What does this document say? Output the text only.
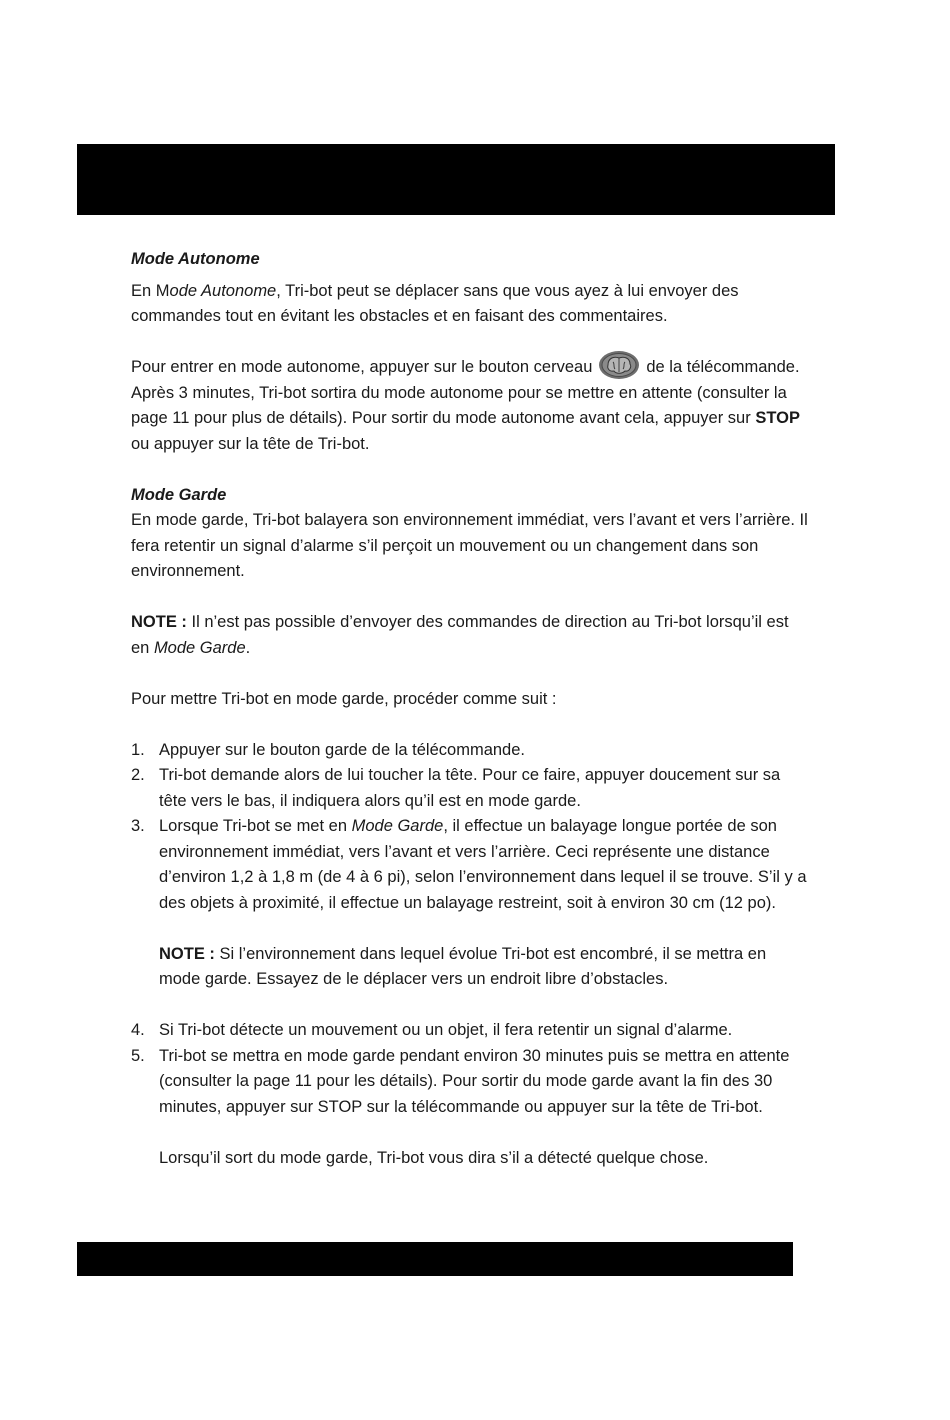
Mode Autonome

En Mode Autonome, Tri-bot peut se déplacer sans que vous ayez à lui envoyer des commandes tout en évitant les obstacles et en faisant des commentaires.

Pour entrer en mode autonome, appuyer sur le bouton cerveau	de la télécommande. Après 3 minutes, Tri-bot sortira du mode autonome pour se mettre en attente (consulter la page 11 pour plus de détails). Pour sortir du mode autonome avant cela, appuyer sur STOP ou appuyer sur la tête de Tri-bot.

Mode Garde

En mode garde, Tri-bot balayera son environnement immédiat, vers l’avant et vers l’arrière. Il fera retentir un signal d’alarme s’il perçoit un mouvement ou un changement dans son environnement.

NOTE : Il n’est pas possible d’envoyer des commandes de direction au Tri-bot lorsqu’il est en Mode Garde.

Pour mettre Tri-bot en mode garde, procéder comme suit :

1. Appuyer sur le bouton garde de la télécommande.
2. Tri-bot demande alors de lui toucher la tête. Pour ce faire, appuyer doucement sur sa tête vers le bas, il indiquera alors qu’il est en mode garde.
3. Lorsque Tri-bot se met en Mode Garde, il effectue un balayage longue portée de son environnement immédiat, vers l’avant et vers l’arrière. Ceci représente une distance d’environ 1,2 à 1,8 m (de 4 à 6 pi), selon l’environnement dans lequel il se trouve. S’il y a des objets à proximité, il effectue un balayage restreint, soit à environ 30 cm (12 po).

NOTE : Si l’environnement dans lequel évolue Tri-bot est encombré, il se mettra en mode garde. Essayez de le déplacer vers un endroit libre d’obstacles.

4. Si Tri-bot détecte un mouvement ou un objet, il fera retentir un signal d’alarme.
5. Tri-bot se mettra en mode garde pendant environ 30 minutes puis se mettra en attente (consulter la page 11 pour les détails). Pour sortir du mode garde avant la fin des 30 minutes, appuyer sur STOP sur la télécommande ou appuyer sur la tête de Tri-bot.

Lorsqu’il sort du mode garde, Tri-bot vous dira s’il a détecté quelque chose.
